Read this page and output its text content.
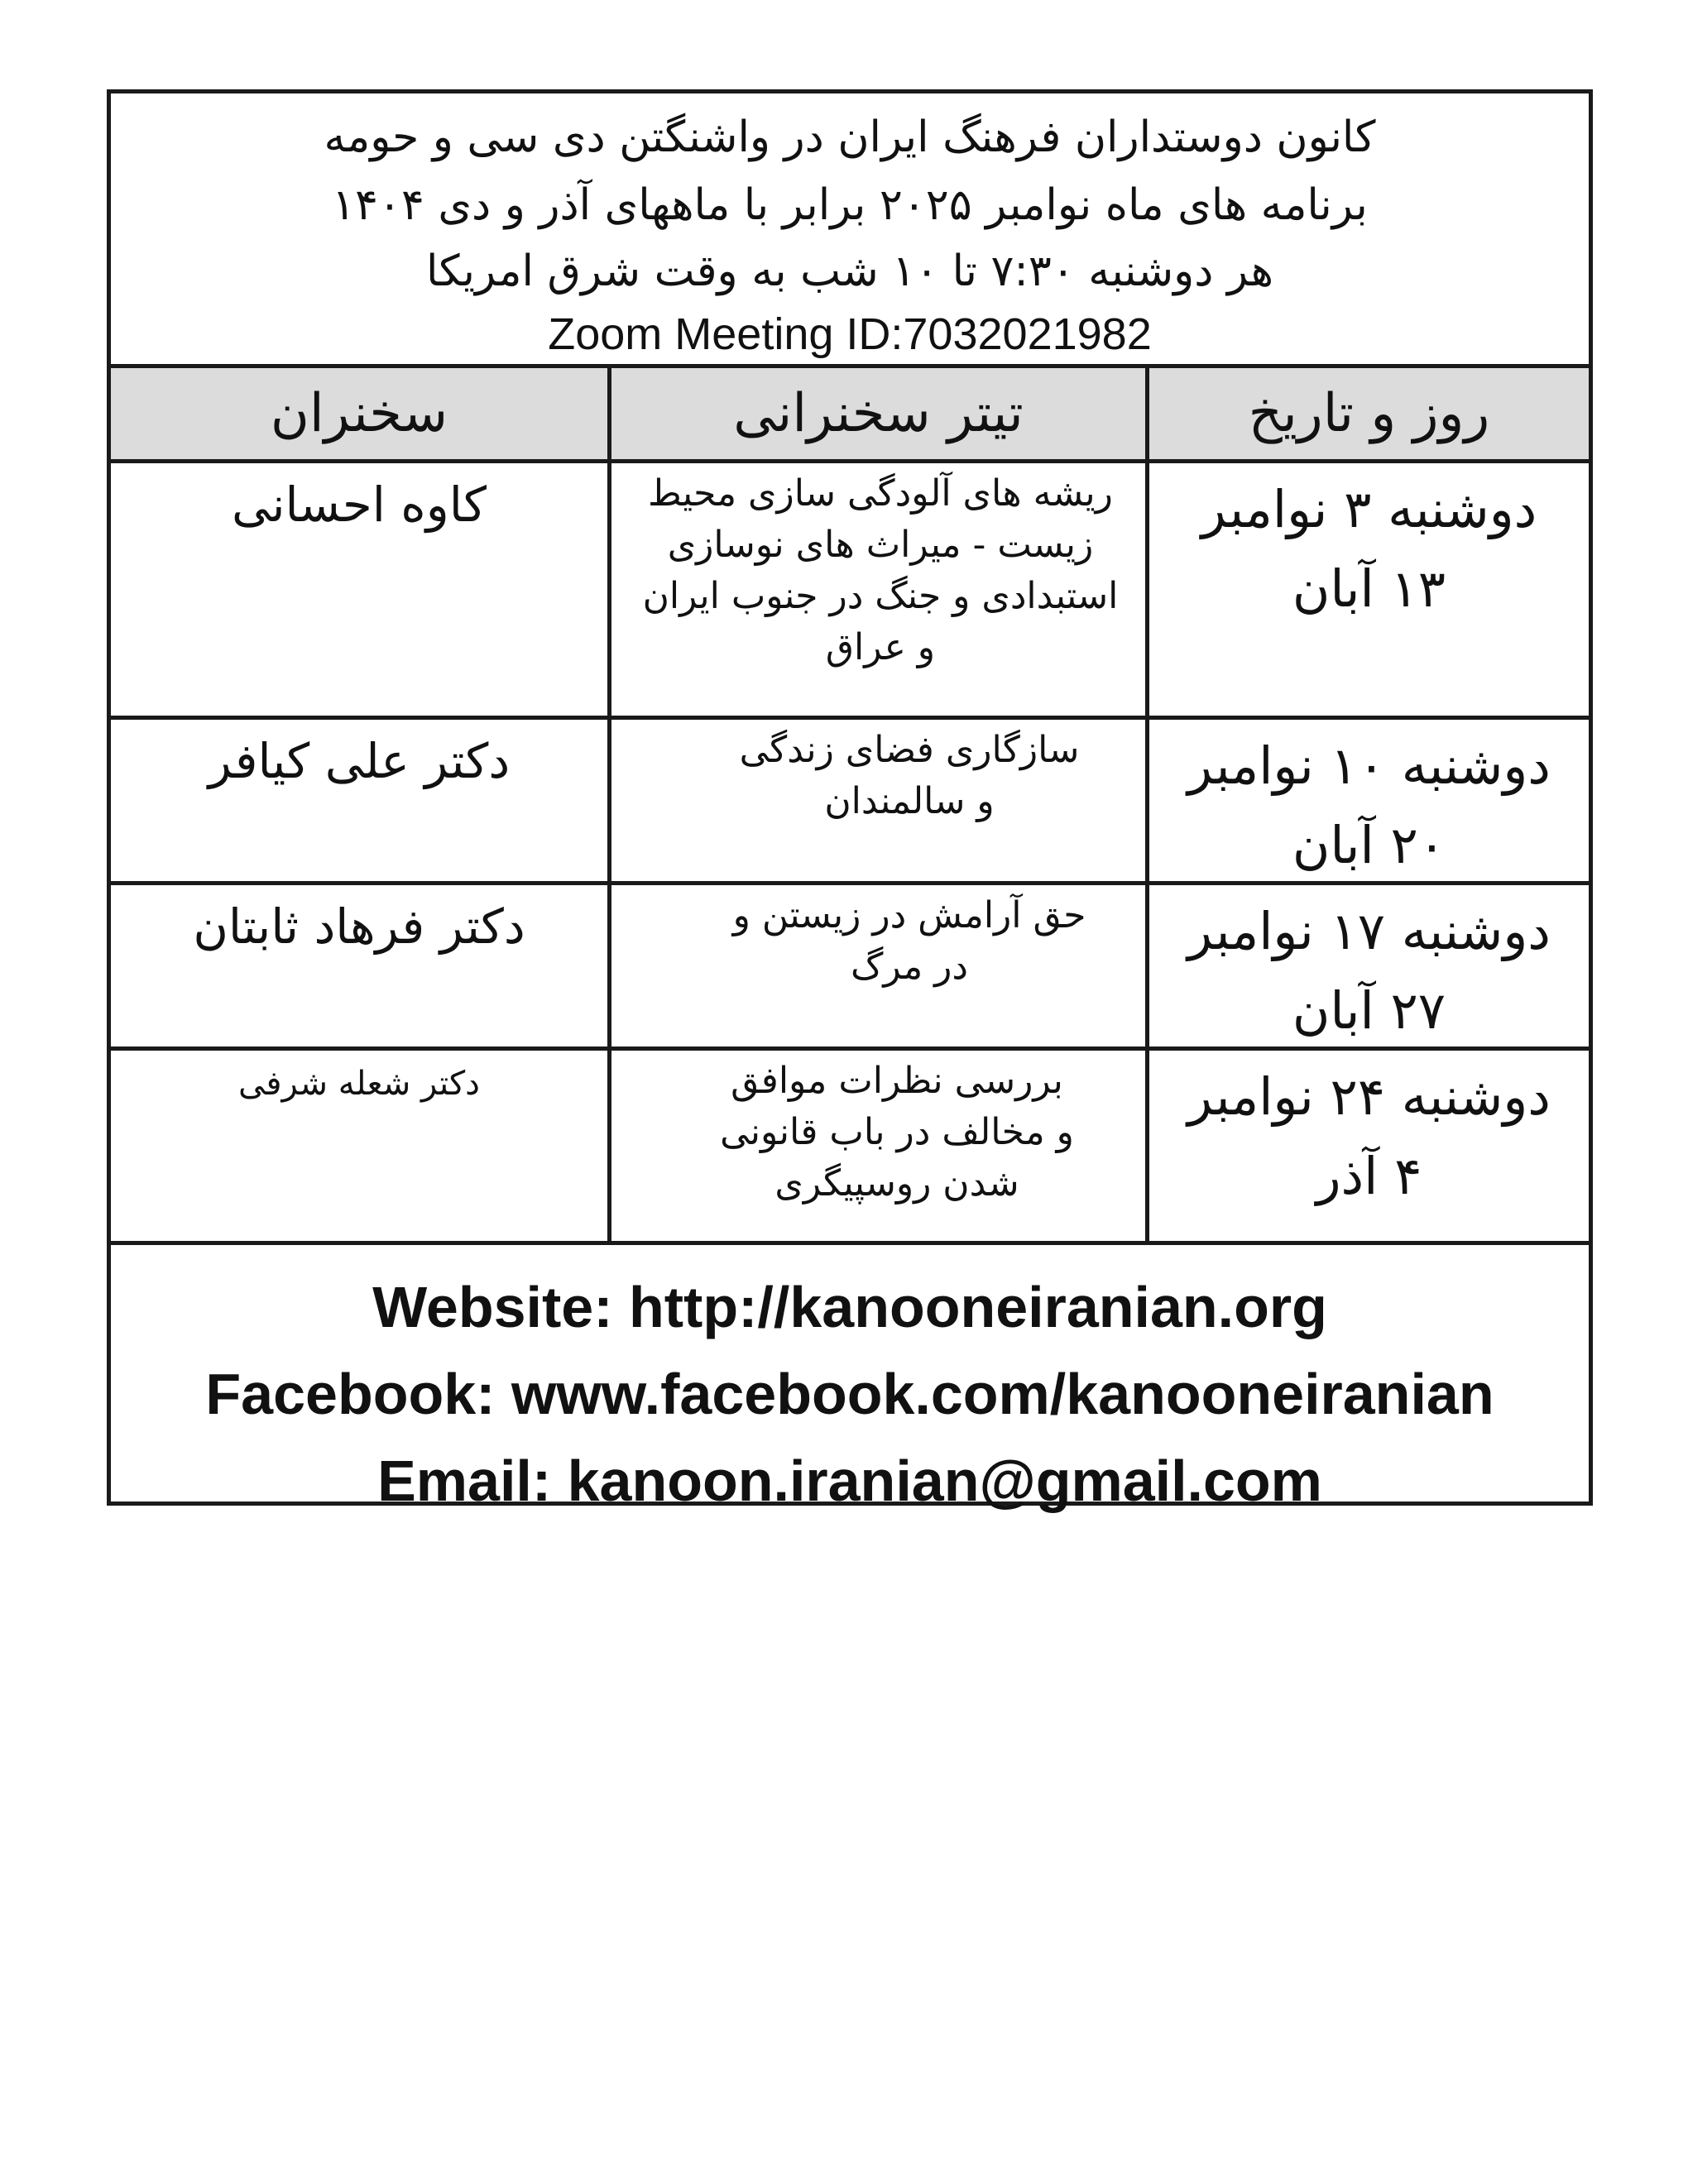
کانون دوستداران فرهنگ ایران در واشنگتن دی سی و حومه
برنامه های ماه نوامبر ۲۰۲۵ برابر با ماههای آذر و دی ۱۴۰۴
هر دوشنبه ۷:۳۰ تا ۱۰ شب به وقت شرق امریکا
Zoom Meeting ID:7032021982
روز و تاریخ
تیتر سخنرانی
سخنران
دوشنبه ۳ نوامبر
۱۳ آبان
ریشه های آلودگی سازی محیط زیست - میراث های نوسازی استبدادی و جنگ در جنوب ایران و عراق
کاوه احسانی
دوشنبه ۱۰ نوامبر
۲۰ آبان
سازگاری فضای زندگی و سالمندان
دکتر علی کیافر
دوشنبه ۱۷ نوامبر
۲۷ آبان
حق آرامش در زیستن و در مرگ
دکتر فرهاد ثابتان
دوشنبه ۲۴ نوامبر
۴ آذر
بررسی نظرات موافق و مخالف در باب قانونی شدن روسپیگری
دکتر شعله شرفی
Website: http://kanooneiranian.org
Facebook: www.facebook.com/kanooneiranian
Email: kanoon.iranian@gmail.com
